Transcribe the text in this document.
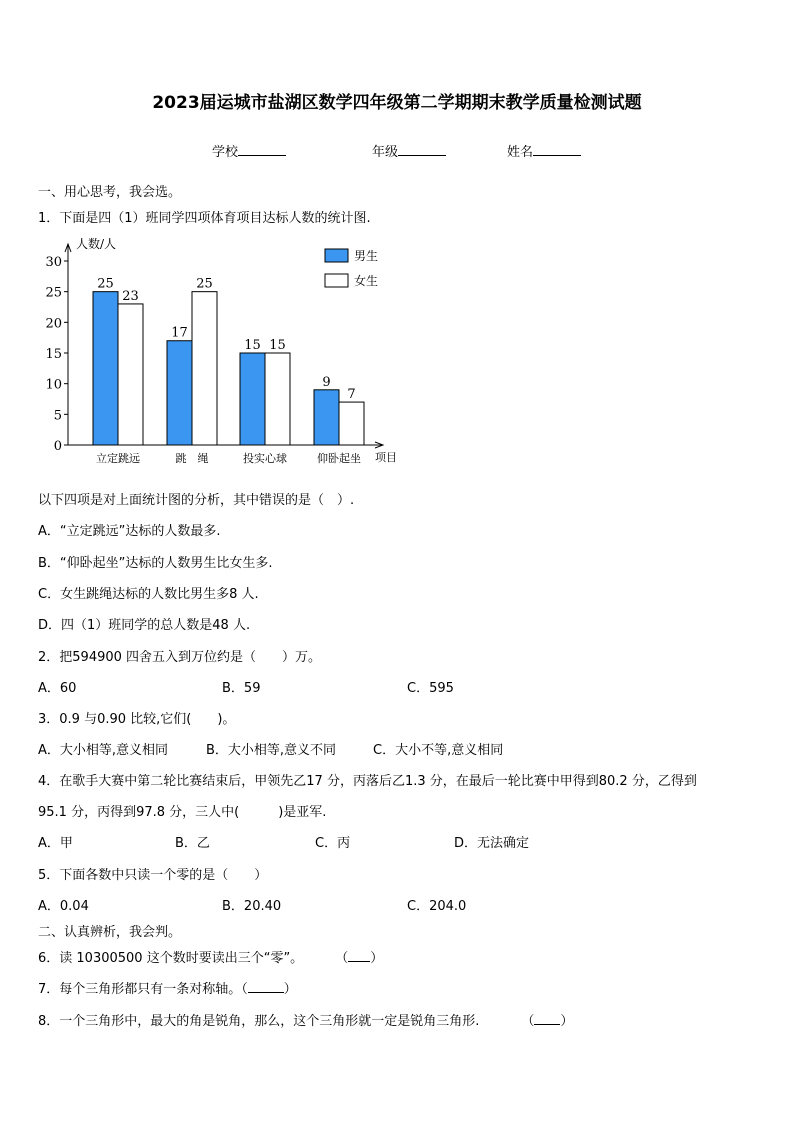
2023届运城市盐湖区数学四年级第二学期期末教学质量检测试题
学校	年级	姓名
一、用心思考，我会选。
1．下面是四（1）班同学四项体育项目达标人数的统计图.
0
5
10
15
20
25
30
25
23
立定跳远
17
25
跳　绳
15 15
投实心球
9
7
仰卧起坐
人数/人
项目
男生
女生
以下四项是对上面统计图的分析，其中错误的是（　）.
A．“立定跳远”达标的人数最多.
B．“仰卧起坐”达标的人数男生比女生多.
C．女生跳绳达标的人数比男生多8 人.
D．四（1）班同学的总人数是48 人.
2．把594900 四舍五入到万位约是（　　）万。
A．60	B．59	C．595
3．0.9 与0.90 比较,它们(　　)。
A．大小相等,意义相同	B．大小相等,意义不同	C．大小不等,意义相同
4．在歌手大赛中第二轮比赛结束后，甲领先乙17 分，丙落后乙1.3 分，在最后一轮比赛中甲得到80.2 分，乙得到
95.1 分，丙得到97.8 分，三人中(　　　)是亚军.
A．甲	B．乙	C．丙	D．无法确定
5．下面各数中只读一个零的是（　　）
A．0.04	B．20.40	C．204.0
二、认真辨析，我会判。
6．读 10300500 这个数时要读出三个“零”。 （ ）
7．每个三角形都只有一条对称轴。（	）
8．一个三角形中，最大的角是锐角，那么，这个三角形就一定是锐角三角形.	（ ）
